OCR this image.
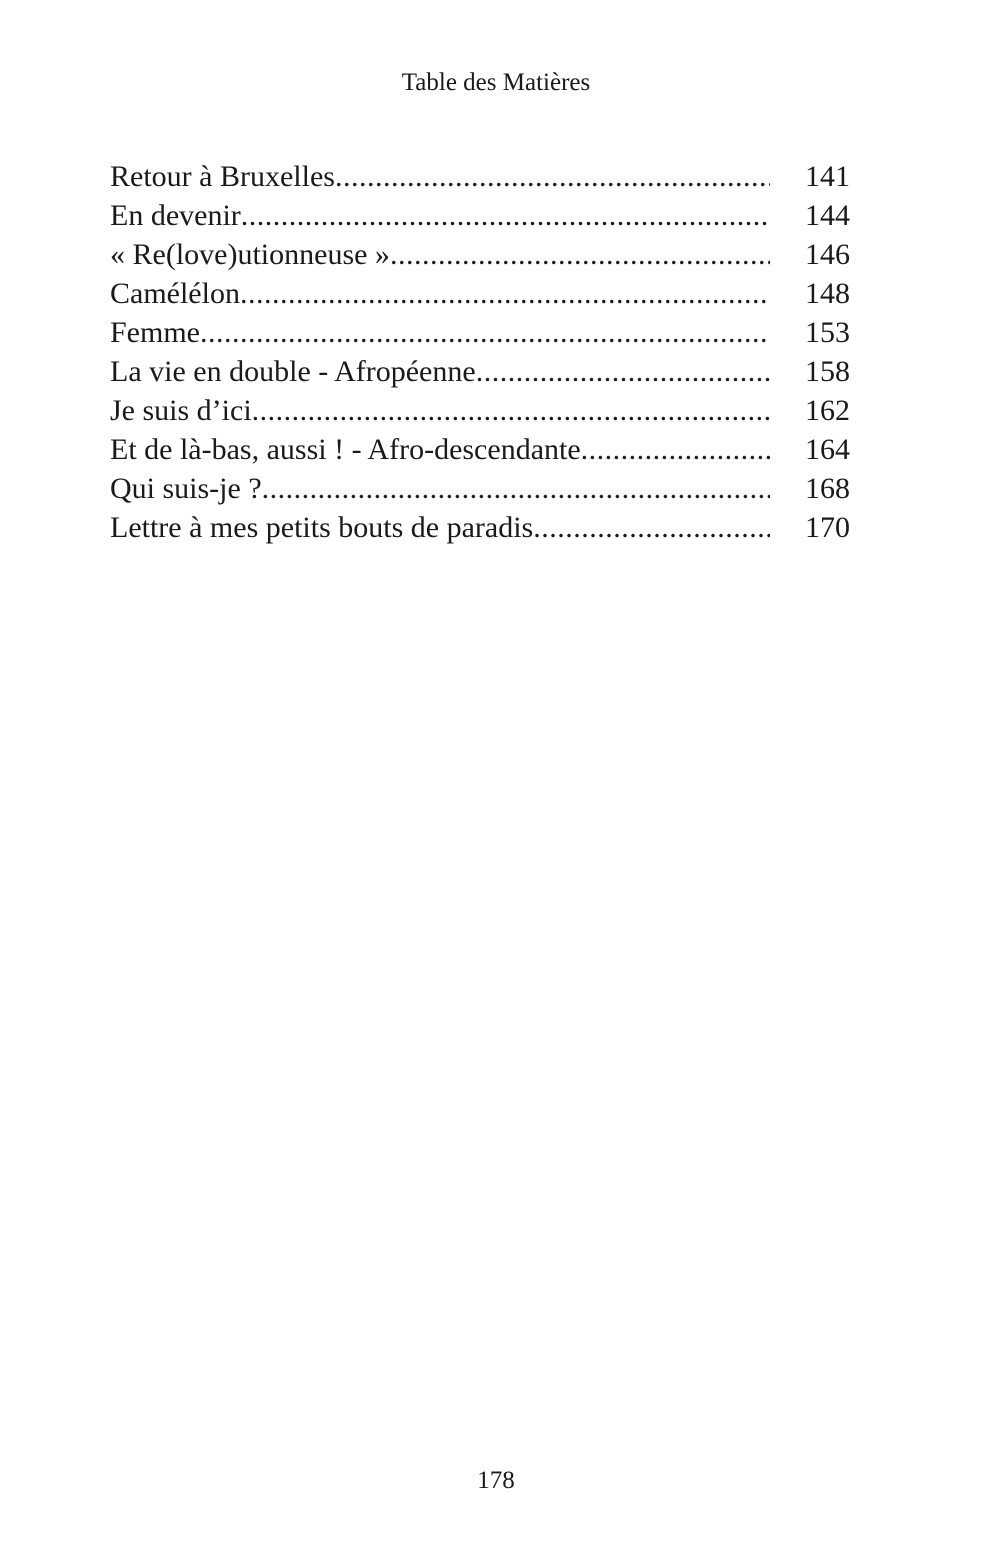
Table des Matières
Retour à Bruxelles .....	141
En devenir .....	144
« Re(love)utionneuse » .....	146
Camélélon .....	148
Femme .....	153
La vie en double - Afropéenne .....	158
Je suis d’ici .....	162
Et de là-bas, aussi ! - Afro-descendante .....	164
Qui suis-je ? .....	168
Lettre à mes petits bouts de paradis .....	170
178
